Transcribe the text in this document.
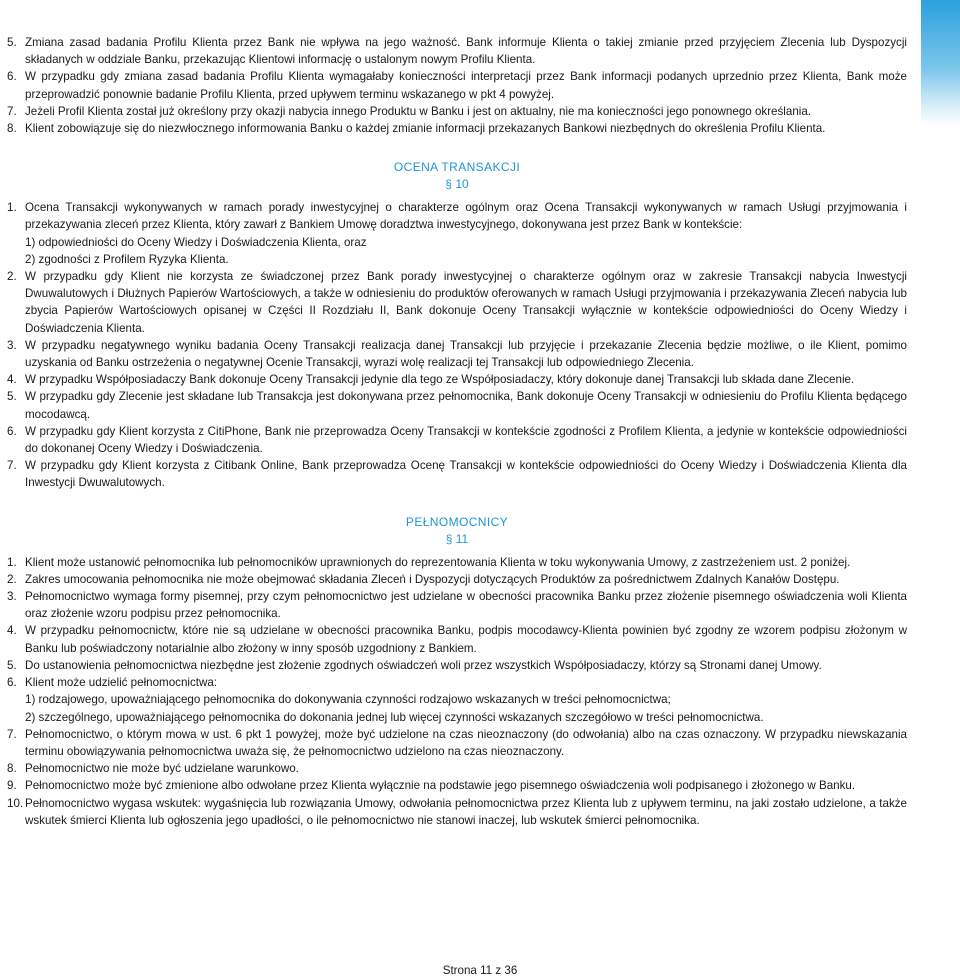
5. Zmiana zasad badania Profilu Klienta przez Bank nie wpływa na jego ważność. Bank informuje Klienta o takiej zmianie przed przyjęciem Zlecenia lub Dyspozycji składanych w oddziale Banku, przekazując Klientowi informację o ustalonym nowym Profilu Klienta.
6. W przypadku gdy zmiana zasad badania Profilu Klienta wymagałaby konieczności interpretacji przez Bank informacji podanych uprzednio przez Klienta, Bank może przeprowadzić ponownie badanie Profilu Klienta, przed upływem terminu wskazanego w pkt 4 powyżej.
7. Jeżeli Profil Klienta został już określony przy okazji nabycia innego Produktu w Banku i jest on aktualny, nie ma konieczności jego ponownego określania.
8. Klient zobowiązuje się do niezwłocznego informowania Banku o każdej zmianie informacji przekazanych Bankowi niezbędnych do określenia Profilu Klienta.
OCENA TRANSAKCJI
§ 10
1. Ocena Transakcji wykonywanych w ramach porady inwestycyjnej o charakterze ogólnym oraz Ocena Transakcji wykonywanych w ramach Usługi przyjmowania i przekazywania zleceń przez Klienta, który zawarł z Bankiem Umowę doradztwa inwestycyjnego, dokonywana jest przez Bank w kontekście:
1) odpowiedniości do Oceny Wiedzy i Doświadczenia Klienta, oraz
2) zgodności z Profilem Ryzyka Klienta.
2. W przypadku gdy Klient nie korzysta ze świadczonej przez Bank porady inwestycyjnej o charakterze ogólnym oraz w zakresie Transakcji nabycia Inwestycji Dwuwalutowych i Dłużnych Papierów Wartościowych, a także w odniesieniu do produktów oferowanych w ramach Usługi przyjmowania i przekazywania Zleceń nabycia lub zbycia Papierów Wartościowych opisanej w Części II Rozdziału II, Bank dokonuje Oceny Transakcji wyłącznie w kontekście odpowiedniości do Oceny Wiedzy i Doświadczenia Klienta.
3. W przypadku negatywnego wyniku badania Oceny Transakcji realizacja danej Transakcji lub przyjęcie i przekazanie Zlecenia będzie możliwe, o ile Klient, pomimo uzyskania od Banku ostrzeżenia o negatywnej Ocenie Transakcji, wyrazi wolę realizacji tej Transakcji lub odpowiedniego Zlecenia.
4. W przypadku Współposiadaczy Bank dokonuje Oceny Transakcji jedynie dla tego ze Współposiadaczy, który dokonuje danej Transakcji lub składa dane Zlecenie.
5. W przypadku gdy Zlecenie jest składane lub Transakcja jest dokonywana przez pełnomocnika, Bank dokonuje Oceny Transakcji w odniesieniu do Profilu Klienta będącego mocodawcą.
6. W przypadku gdy Klient korzysta z CitiPhone, Bank nie przeprowadza Oceny Transakcji w kontekście zgodności z Profilem Klienta, a jedynie w kontekście odpowiedniości do dokonanej Oceny Wiedzy i Doświadczenia.
7. W przypadku gdy Klient korzysta z Citibank Online, Bank przeprowadza Ocenę Transakcji w kontekście odpowiedniości do Oceny Wiedzy i Doświadczenia Klienta dla Inwestycji Dwuwalutowych.
PEŁNOMOCNICY
§ 11
1. Klient może ustanowić pełnomocnika lub pełnomocników uprawnionych do reprezentowania Klienta w toku wykonywania Umowy, z zastrzeżeniem ust. 2 poniżej.
2. Zakres umocowania pełnomocnika nie może obejmować składania Zleceń i Dyspozycji dotyczących Produktów za pośrednictwem Zdalnych Kanałów Dostępu.
3. Pełnomocnictwo wymaga formy pisemnej, przy czym pełnomocnictwo jest udzielane w obecności pracownika Banku przez złożenie pisemnego oświadczenia woli Klienta oraz złożenie wzoru podpisu przez pełnomocnika.
4. W przypadku pełnomocnictw, które nie są udzielane w obecności pracownika Banku, podpis mocodawcy-Klienta powinien być zgodny ze wzorem podpisu złożonym w Banku lub poświadczony notarialnie albo złożony w inny sposób uzgodniony z Bankiem.
5. Do ustanowienia pełnomocnictwa niezbędne jest złożenie zgodnych oświadczeń woli przez wszystkich Współposiadaczy, którzy są Stronami danej Umowy.
6. Klient może udzielić pełnomocnictwa:
1) rodzajowego, upoważniającego pełnomocnika do dokonywania czynności rodzajowo wskazanych w treści pełnomocnictwa;
2) szczególnego, upoważniającego pełnomocnika do dokonania jednej lub więcej czynności wskazanych szczegółowo w treści pełnomocnictwa.
7. Pełnomocnictwo, o którym mowa w ust. 6 pkt 1 powyżej, może być udzielone na czas nieoznaczony (do odwołania) albo na czas oznaczony. W przypadku niewskazania terminu obowiązywania pełnomocnictwa uważa się, że pełnomocnictwo udzielono na czas nieoznaczony.
8. Pełnomocnictwo nie może być udzielane warunkowo.
9. Pełnomocnictwo może być zmienione albo odwołane przez Klienta wyłącznie na podstawie jego pisemnego oświadczenia woli podpisanego i złożonego w Banku.
10. Pełnomocnictwo wygasa wskutek: wygaśnięcia lub rozwiązania Umowy, odwołania pełnomocnictwa przez Klienta lub z upływem terminu, na jaki zostało udzielone, a także wskutek śmierci Klienta lub ogłoszenia jego upadłości, o ile pełnomocnictwo nie stanowi inaczej, lub wskutek śmierci pełnomocnika.
Strona 11 z 36
